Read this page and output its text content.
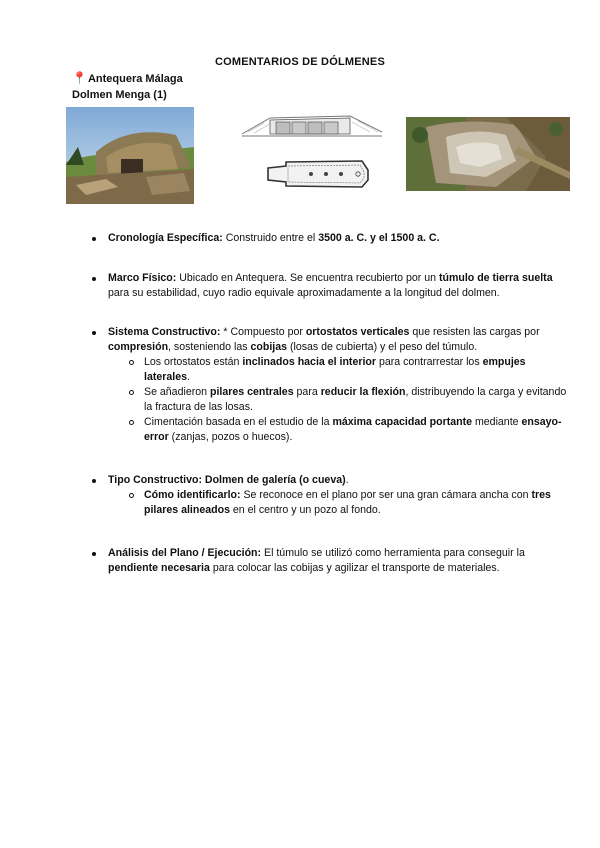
COMENTARIOS DE DÓLMENES
📍Antequera Málaga
Dolmen Menga (1)
Cronología Específica: Construido entre el 3500 a. C. y el 1500 a. C.
Marco Físico: Ubicado en Antequera. Se encuentra recubierto por un túmulo de tierra suelta para su estabilidad, cuyo radio equivale aproximadamente a la longitud del dolmen.
Sistema Constructivo: * Compuesto por ortostatos verticales que resisten las cargas por compresión, sosteniendo las cobijas (losas de cubierta) y el peso del túmulo.
Los ortostatos están inclinados hacia el interior para contrarrestar los empujes laterales.
Se añadieron pilares centrales para reducir la flexión, distribuyendo la carga y evitando la fractura de las losas.
Cimentación basada en el estudio de la máxima capacidad portante mediante ensayo-error (zanjas, pozos o huecos).
Tipo Constructivo: Dolmen de galería (o cueva).
Cómo identificarlo: Se reconoce en el plano por ser una gran cámara ancha con tres pilares alineados en el centro y un pozo al fondo.
Análisis del Plano / Ejecución: El túmulo se utilizó como herramienta para conseguir la pendiente necesaria para colocar las cobijas y agilizar el transporte de materiales.
